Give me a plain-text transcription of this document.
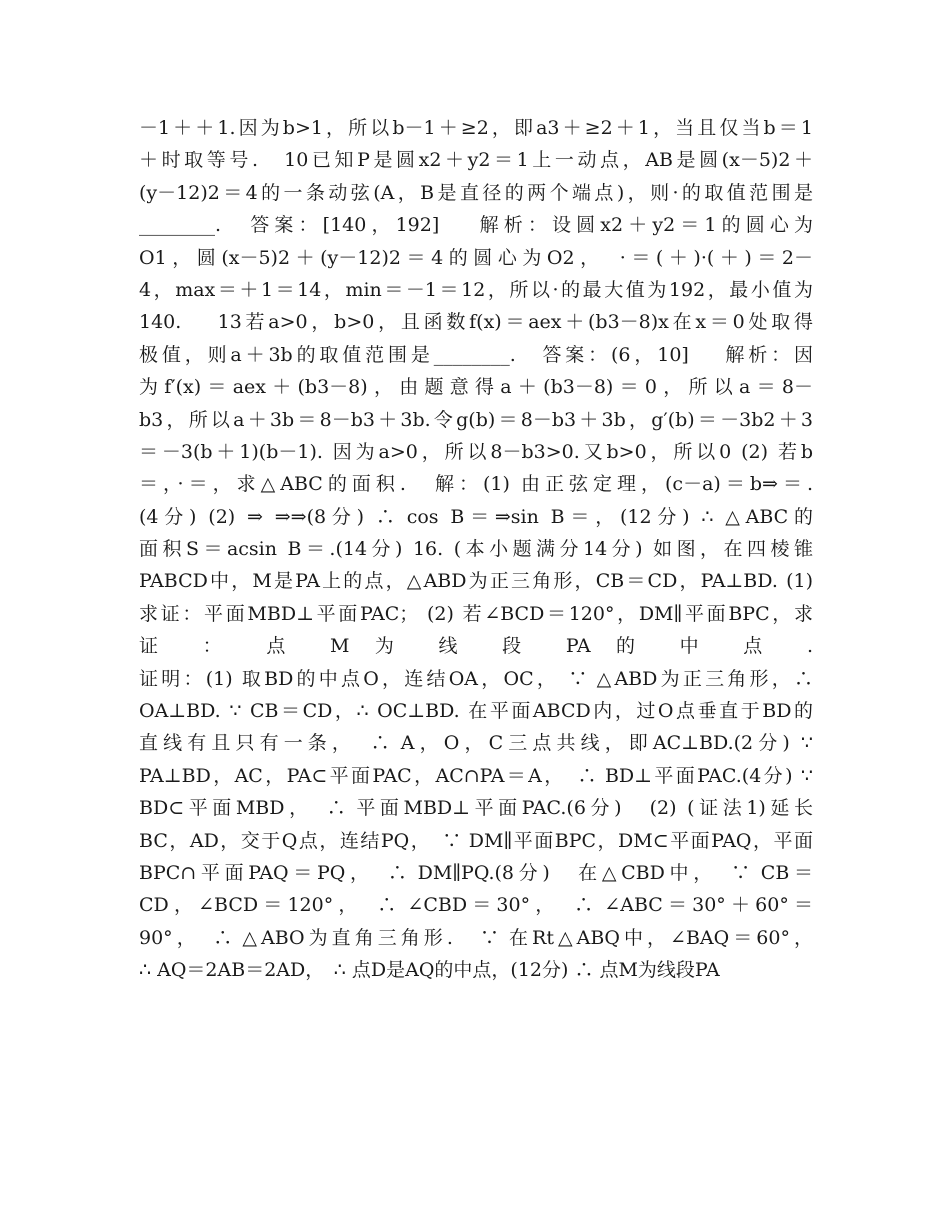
－1＋＋1.因为b>1，所以b－1＋≥2，即a3＋≥2＋1，当且仅当b＝1
＋时取等号.　10已知P是圆x2＋y2＝1上一动点，AB是圆(x－5)2＋
(y－12)2＝4的一条动弦(A，B是直径的两个端点)，则·的取值范围是
________.　答案：[140，192]　 解析：设圆x2＋y2＝1的圆心为
O1，圆(x－5)2＋(y－12)2＝4的圆心为O2，　·＝(＋)·(＋)＝2－
4，max＝＋1＝14，min＝－1＝12，所以·的最大值为192，最小值为
140.　 13若a>0，b>0，且函数f(x)＝aex＋(b3－8)x在x＝0处取得
极值，则a＋3b的取值范围是________.　答案：(6，10]　 解析：因
为f′(x)＝aex＋(b3－8)，由题意得a＋(b3－8)＝0，所以a＝8－
b3，所以a＋3b＝8－b3＋3b.令g(b)＝8－b3＋3b，g′(b)＝－3b2＋3
＝－3(b＋1)(b－1). 因为a>0，所以8－b3>0.又b>0，所以0 (2) 若b
＝，·＝，求△ABC的面积.　解：(1) 由正弦定理，(c－a)＝b⇒＝.
(4分) (2) ⇒ ⇒⇒(8分) ∴ cos B＝⇒sin B＝，(12分) ∴ △ABC的
面积S＝acsin B＝.(14分) 16. (本小题满分14分) 如图，在四棱锥
PABCD中，M是PA上的点，△ABD为正三角形，CB＝CD，PA⊥BD. (1)
求证：平面MBD⊥平面PAC； (2) 若∠BCD＝120°，DM∥平面BPC，求
证 ： 点 M 为 线 段 PA 的 中 点 .
证明：(1) 取BD的中点O，连结OA，OC， ∵ △ABD为正三角形，∴
OA⊥BD. ∵ CB＝CD，∴ OC⊥BD. 在平面ABCD内，过O点垂直于BD的
直线有且只有一条，　∴ A，O，C三点共线，即AC⊥BD.(2分) ∵
PA⊥BD，AC，PA⊂平面PAC，AC∩PA＝A，　∴ BD⊥平面PAC.(4分) ∵
BD⊂平面MBD，　∴ 平面MBD⊥平面PAC.(6分)　(2) (证法1)延长
BC，AD，交于Q点，连结PQ，　∵ DM∥平面BPC，DM⊂平面PAQ，平面
BPC∩平面PAQ＝PQ，　∴ DM∥PQ.(8分)　在△CBD中，　∵ CB＝
CD，∠BCD＝120°，　∴ ∠CBD＝30°，　∴ ∠ABC＝30°＋60°＝
90°，　∴ △ABO为直角三角形.　∵ 在Rt△ABQ中，∠BAQ＝60°，
∴ AQ＝2AB＝2AD，　∴ 点D是AQ的中点，(12分) ∴ 点M为线段PA
